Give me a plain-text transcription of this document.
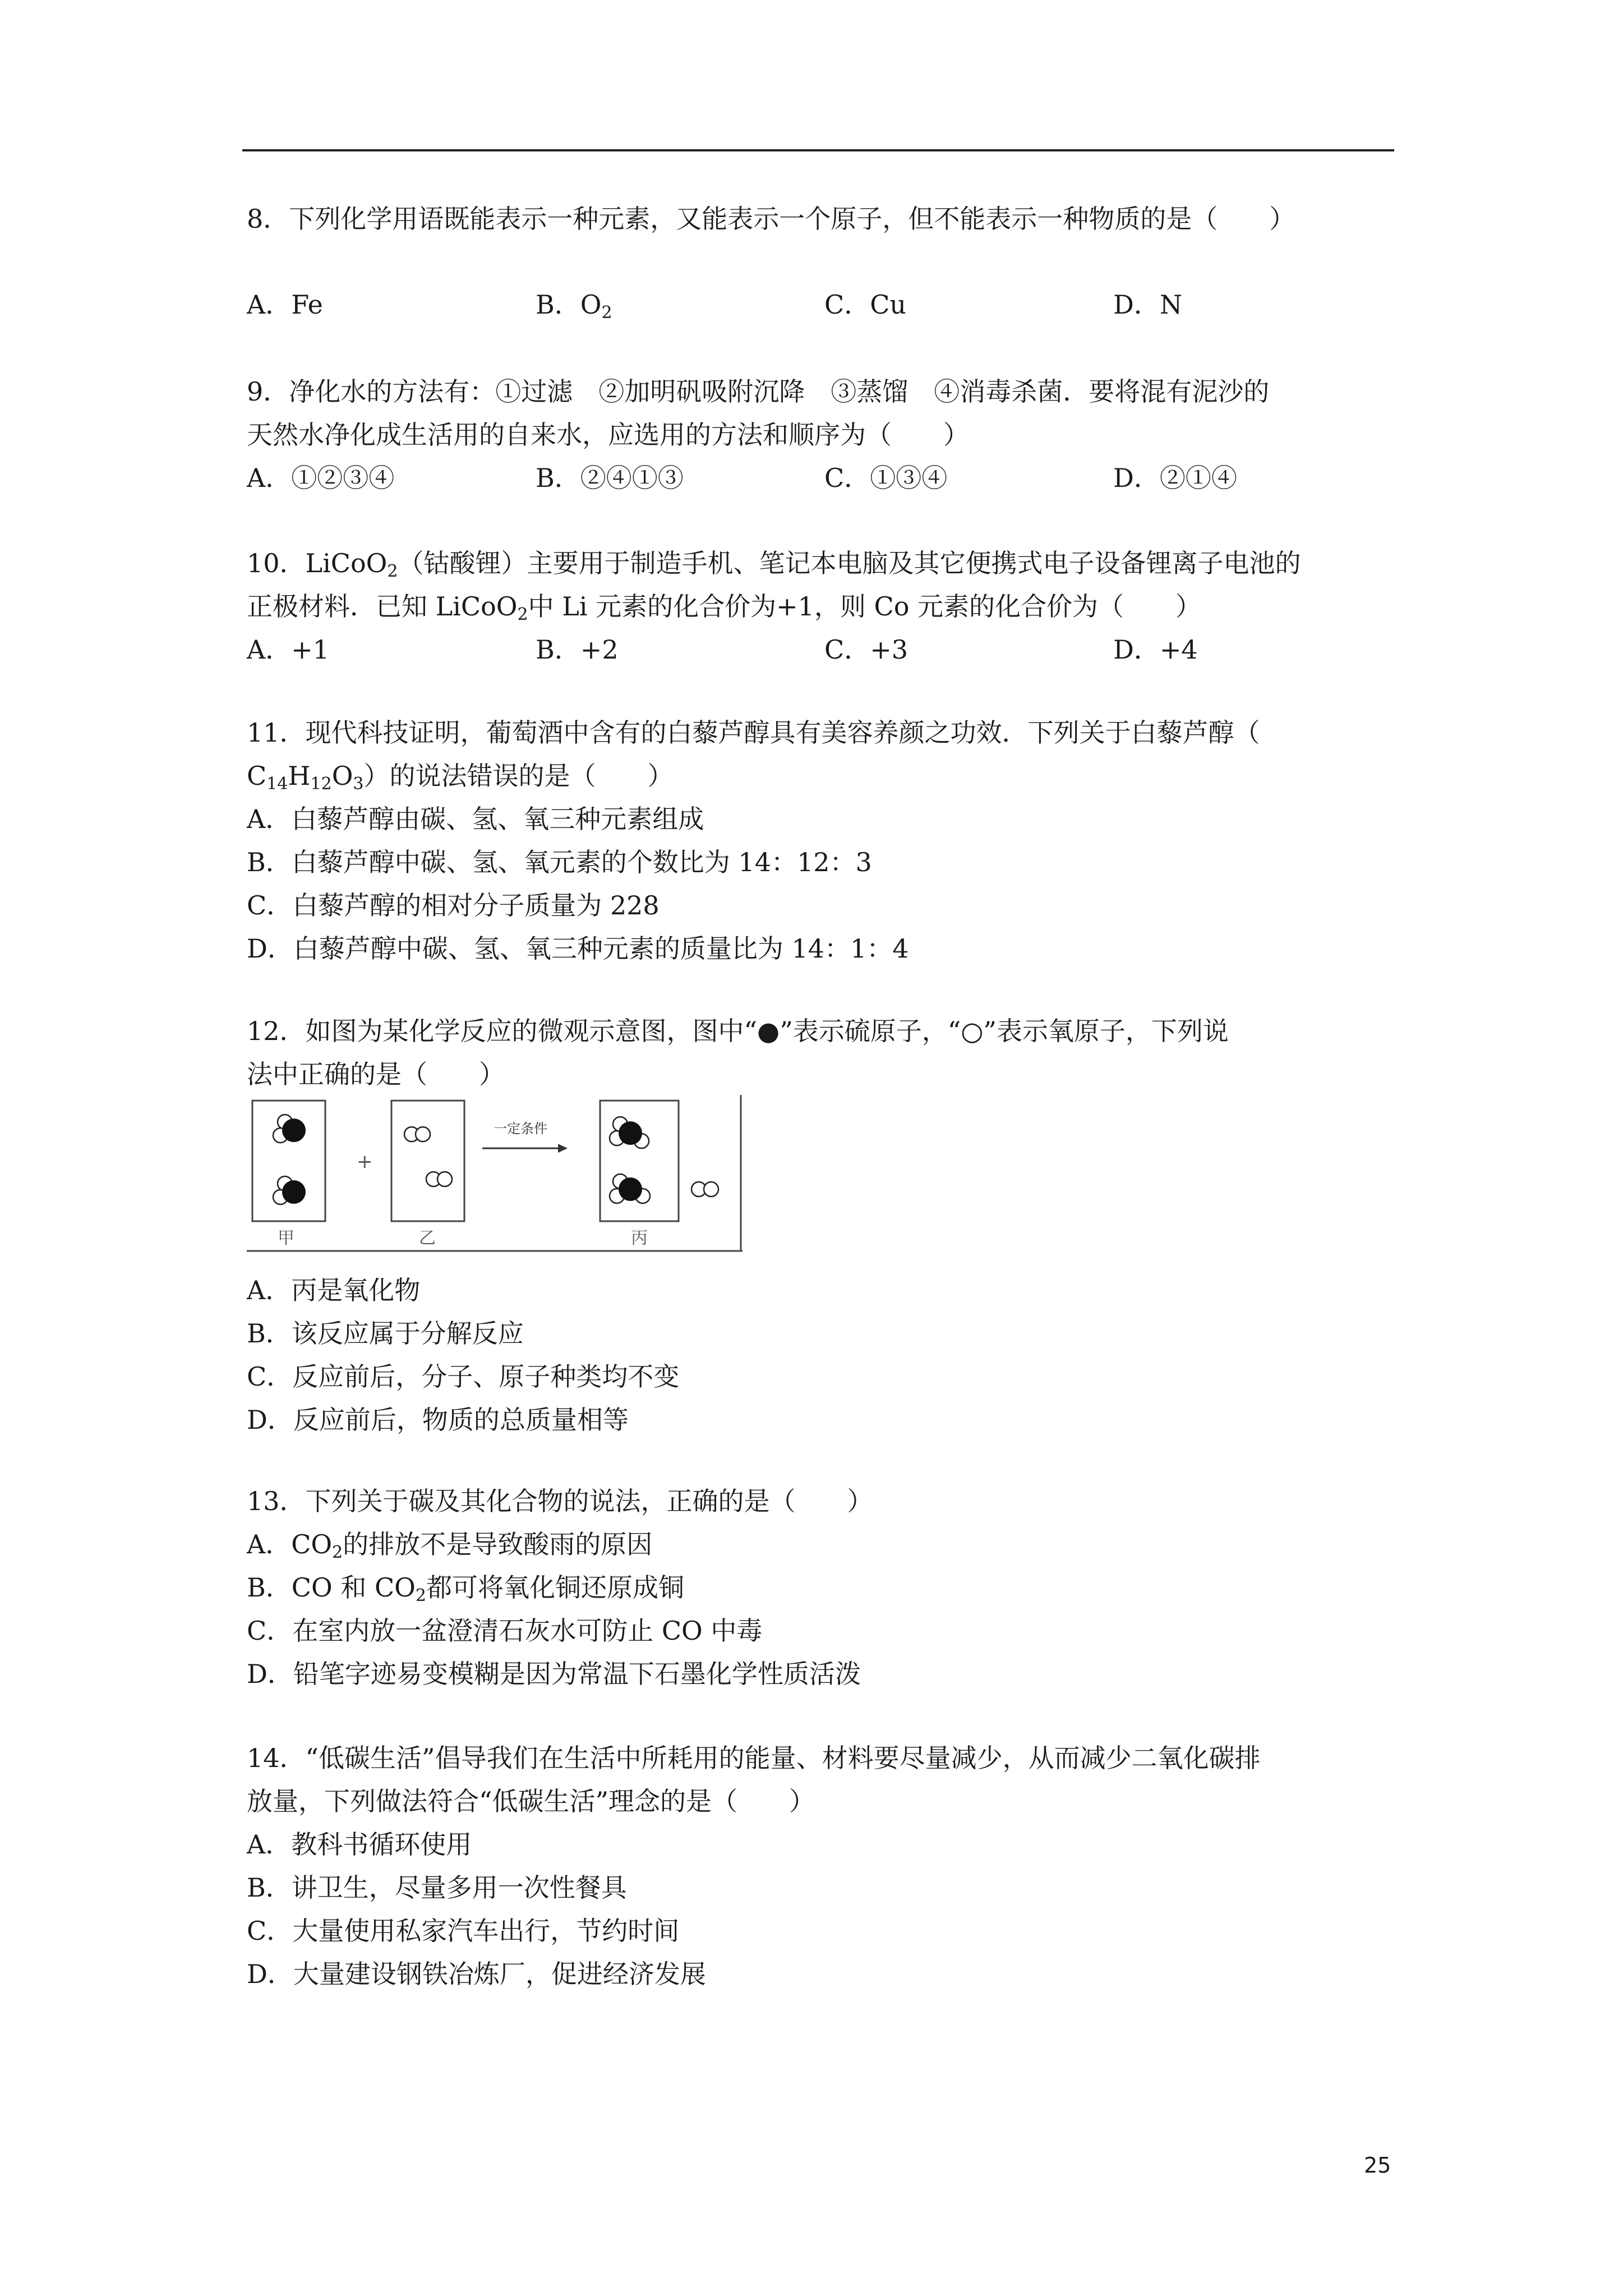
8．下列化学用语既能表示一种元素，又能表示一个原子，但不能表示一种物质的是（　　）

A．Fe	B．$O_2$	C．Cu	D．N

9．净化水的方法有：①过滤　②加明矾吸附沉降　③蒸馏　④消毒杀菌．要将混有泥沙的

天然水净化成生活用的自来水，应选用的方法和顺序为（　　）

A．①②③④	B．②④①③	C．①③④	D．②①④

10．LiCoO$_2$（钴酸锂）主要用于制造手机、笔记本电脑及其它便携式电子设备锂离子电池的

正极材料．已知 LiCoO$_2$中 Li 元素的化合价为+1，则 Co 元素的化合价为（　　）

A．+1	B．+2	C．+3	D．+4

11．现代科技证明，葡萄酒中含有的白藜芦醇具有美容养颜之功效．下列关于白藜芦醇（

$C_{14}H_{12}O_3$）的说法错误的是（　　）

A．白藜芦醇由碳、氢、氧三种元素组成
B．白藜芦醇中碳、氢、氧元素的个数比为 14：12：3
C．白藜芦醇的相对分子质量为 228
D．白藜芦醇中碳、氢、氧三种元素的质量比为 14：1：4

12．如图为某化学反应的微观示意图，图中“●”表示硫原子，“○”表示氧原子，下列说

法中正确的是（　　）

+
一定条件
甲	乙	丙
A．丙是氧化物
B．该反应属于分解反应
C．反应前后，分子、原子种类均不变
D．反应前后，物质的总质量相等

13．下列关于碳及其化合物的说法，正确的是（　　）

A．$CO_2$的排放不是导致酸雨的原因
B．CO 和 $CO_2$都可将氧化铜还原成铜
C．在室内放一盆澄清石灰水可防止 CO 中毒
D．铅笔字迹易变模糊是因为常温下石墨化学性质活泼

14．“低碳生活”倡导我们在生活中所耗用的能量、材料要尽量减少，从而减少二氧化碳排

放量，下列做法符合“低碳生活”理念的是（　　）

A．教科书循环使用
B．讲卫生，尽量多用一次性餐具
C．大量使用私家汽车出行，节约时间
D．大量建设钢铁冶炼厂，促进经济发展
25
